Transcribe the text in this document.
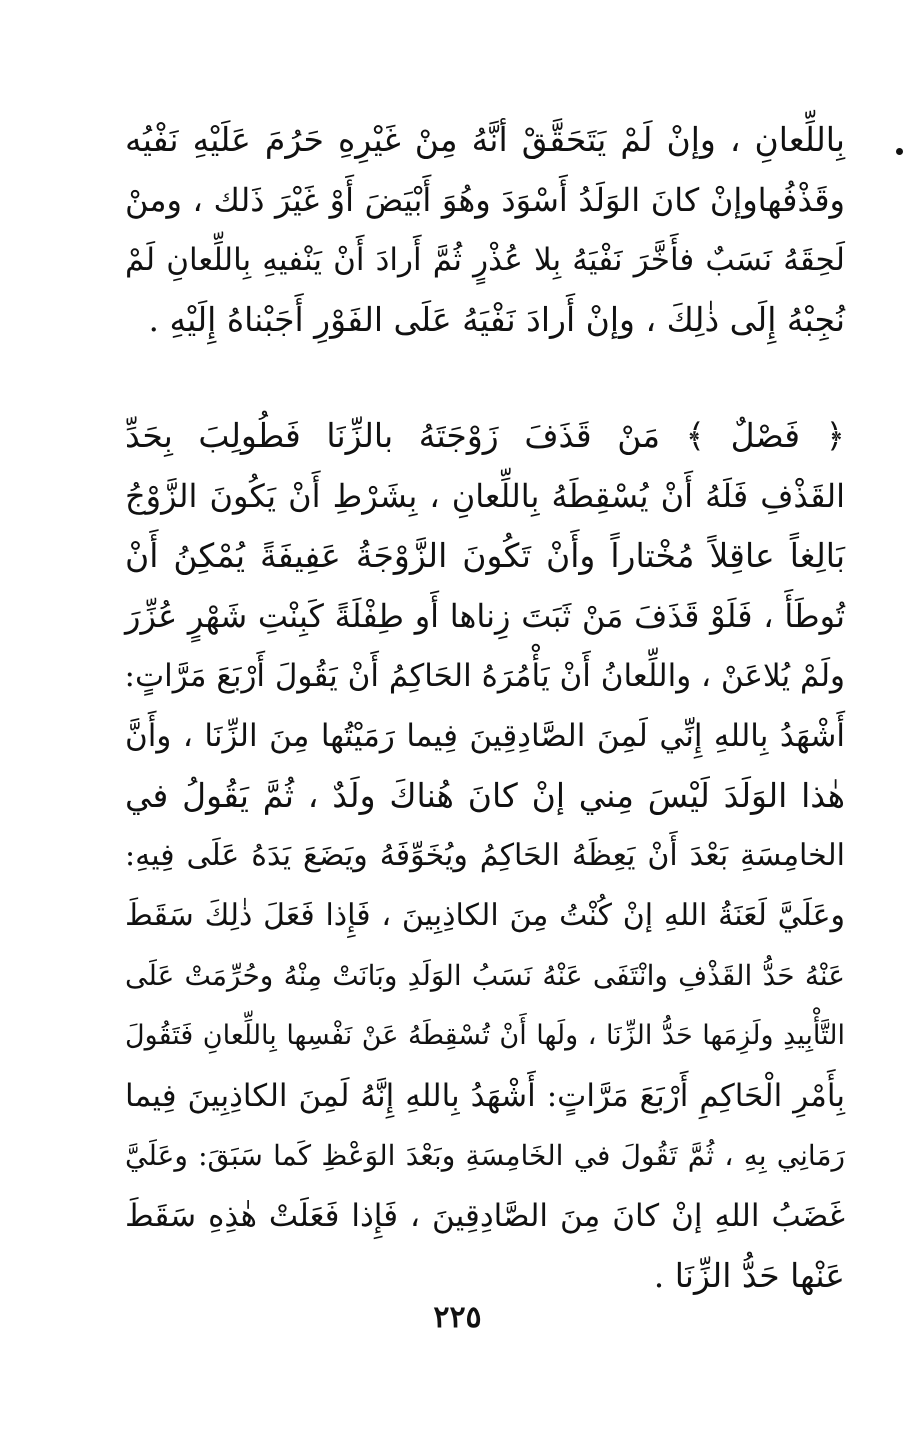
بِاللِّعانِ ، وإنْ لَمْ يَتَحَقَّقْ أنَّهُ مِنْ غَيْرِهِ حَرُمَ عَلَيْهِ نَفْيُه
وقَذْفُهاوإنْ كانَ الوَلَدُ أَسْوَدَ وهُوَ أَبْيَضَ أَوْ غَيْرَ ذَلك ، ومنْ
لَحِقَهُ نَسَبٌ فأَخَّرَ نَفْيَهُ بِلا عُذْرٍ ثُمَّ أَرادَ أَنْ يَنْفيهِ بِاللِّعانِ لَمْ
نُجِبْهُ إِلَى ذٰلِكَ ، وإنْ أَرادَ نَفْيَهُ عَلَى الفَوْرِ أَجَبْناهُ إِلَيْهِ .
﴿ فَصْلٌ ﴾ مَنْ قَذَفَ زَوْجَتَهُ بالزِّنَا فَطُولِبَ بِحَدِّ
القَذْفِ فَلَهُ أَنْ يُسْقِطَهُ بِاللِّعانِ ، بِشَرْطِ أَنْ يَكُونَ الزَّوْجُ
بَالِغاً عاقِلاً مُخْتاراً وأَنْ تَكُونَ الزَّوْجَةُ عَفِيفَةً يُمْكِنُ أَنْ
تُوطَأَ ، فَلَوْ قَذَفَ مَنْ ثَبَتَ زِناها أَو طِفْلَةً كَبِنْتِ شَهْرٍ عُزِّرَ
ولَمْ يُلاعَنْ ، واللِّعانُ أَنْ يَأْمُرَهُ الحَاكِمُ أَنْ يَقُولَ أَرْبَعَ مَرَّاتٍ:
أَشْهَدُ بِاللهِ إِنِّي لَمِنَ الصَّادِقِينَ فِيما رَمَيْتُها مِنَ الزِّنَا ، وأَنَّ
هٰذا الوَلَدَ لَيْسَ مِني إنْ كانَ هُناكَ ولَدٌ ، ثُمَّ يَقُولُ في
الخامِسَةِ بَعْدَ أَنْ يَعِظَهُ الحَاكِمُ ويُخَوِّفَهُ ويَضَعَ يَدَهُ عَلَى فِيهِ:
وعَلَيَّ لَعَنَةُ اللهِ إنْ كُنْتُ مِنَ الكاذِبِينَ ، فَإِذا فَعَلَ ذٰلِكَ سَقَطَ
عَنْهُ حَدُّ القَذْفِ وانْتَفَى عَنْهُ نَسَبُ الوَلَدِ وبَانَتْ مِنْهُ وحُرِّمَتْ عَلَى
التَّأْبِيدِ ولَزِمَها حَدُّ الزِّنَا ، ولَها أَنْ تُسْقِطَهُ عَنْ نَفْسِها بِاللِّعانِ فَتَقُولَ
بِأَمْرِ الْحَاكِمِ أَرْبَعَ مَرَّاتٍ: أَشْهَدُ بِاللهِ إِنَّهُ لَمِنَ الكاذِبِينَ فِيما
رَمَانِي بِهِ ، ثُمَّ تَقُولَ في الخَامِسَةِ وبَعْدَ الوَعْظِ كَما سَبَقَ: وعَلَيَّ
غَضَبُ اللهِ إنْ كانَ مِنَ الصَّادِقِينَ ، فَإِذا فَعَلَتْ هٰذِهِ سَقَطَ
عَنْها حَدُّ الزِّنَا .
٢٢٥
